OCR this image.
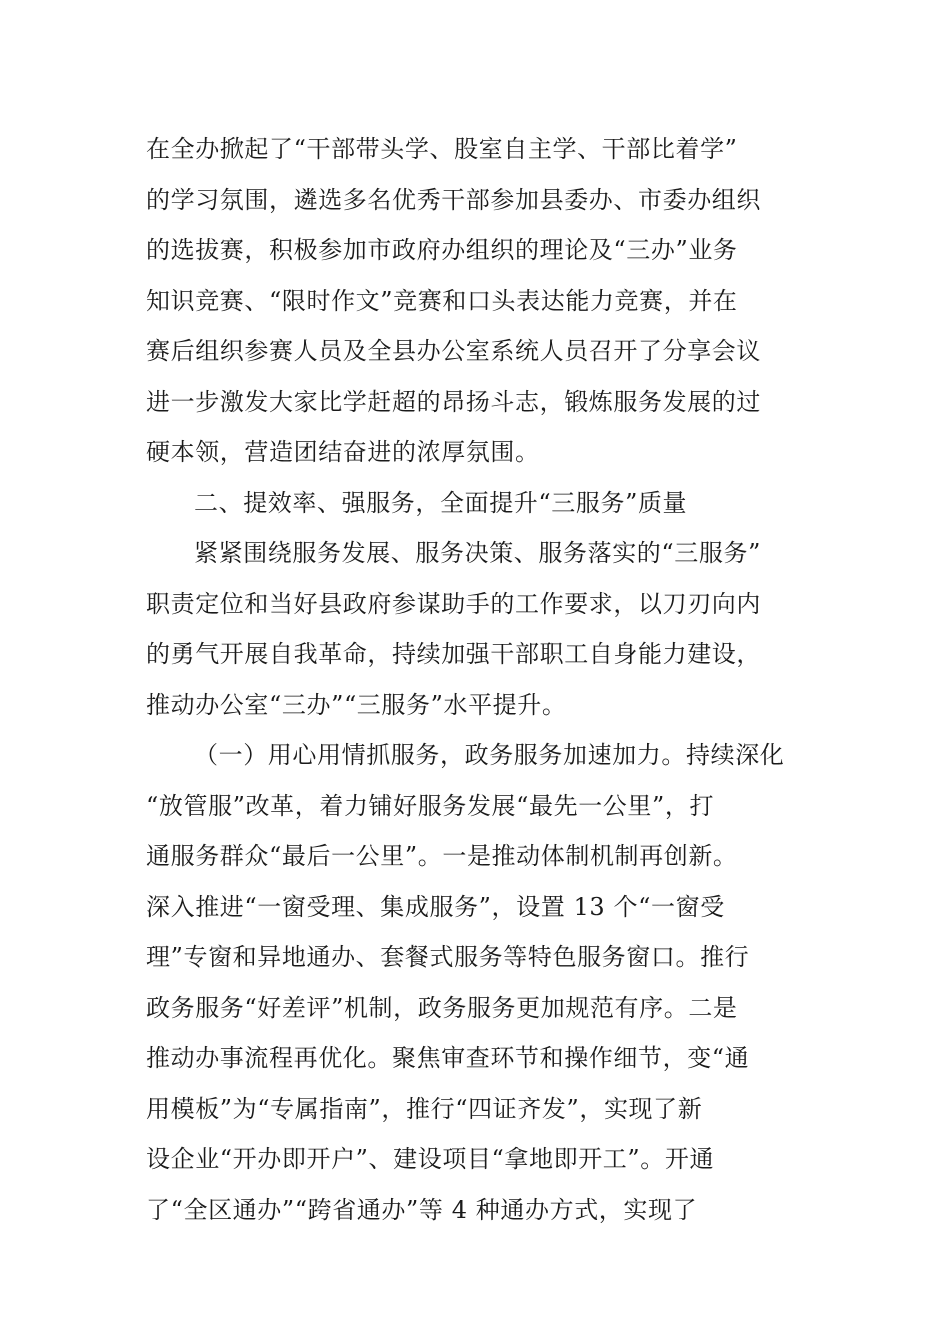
在全办掀起了“干部带头学、股室自主学、干部比着学”
的学习氛围，遴选多名优秀干部参加县委办、市委办组织
的选拔赛，积极参加市政府办组织的理论及“三办”业务
知识竞赛、“限时作文”竞赛和口头表达能力竞赛，并在
赛后组织参赛人员及全县办公室系统人员召开了分享会议
进一步激发大家比学赶超的昂扬斗志，锻炼服务发展的过
硬本领，营造团结奋进的浓厚氛围。
二、提效率、强服务，全面提升“三服务”质量
紧紧围绕服务发展、服务决策、服务落实的“三服务”
职责定位和当好县政府参谋助手的工作要求，以刀刃向内
的勇气开展自我革命，持续加强干部职工自身能力建设，
推动办公室“三办”“三服务”水平提升。
（一）用心用情抓服务，政务服务加速加力。持续深化
“放管服”改革，着力铺好服务发展“最先一公里”，打
通服务群众“最后一公里”。一是推动体制机制再创新。
深入推进“一窗受理、集成服务”，设置 13 个“一窗受
理”专窗和异地通办、套餐式服务等特色服务窗口。推行
政务服务“好差评”机制，政务服务更加规范有序。二是
推动办事流程再优化。聚焦审查环节和操作细节，变“通
用模板”为“专属指南”，推行“四证齐发”，实现了新
设企业“开办即开户”、建设项目“拿地即开工”。开通
了“全区通办”“跨省通办”等 4 种通办方式，实现了
